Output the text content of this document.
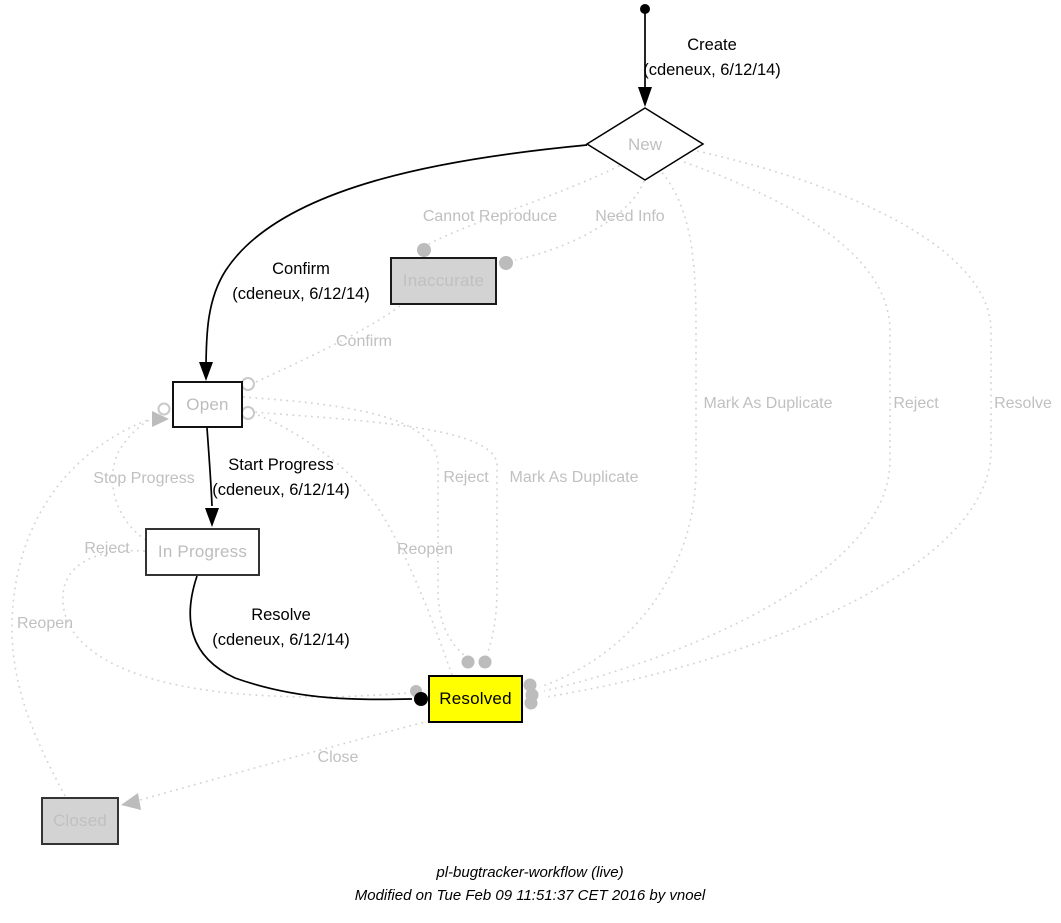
New
Inaccurate
Open
In Progress
Resolved
Closed
Create
(cdeneux, 6/12/14)
Confirm
(cdeneux, 6/12/14)
Start Progress
(cdeneux, 6/12/14)
Resolve
(cdeneux, 6/12/14)
Cannot Reproduce Need Info
Confirm
Mark As Duplicate	Reject	Resolve
Stop Progress	Reject Mark As Duplicate
Reject	Reopen
Reopen
Close
pl-bugtracker-workflow (live)
Modified on Tue Feb 09 11:51:37 CET 2016 by vnoel
